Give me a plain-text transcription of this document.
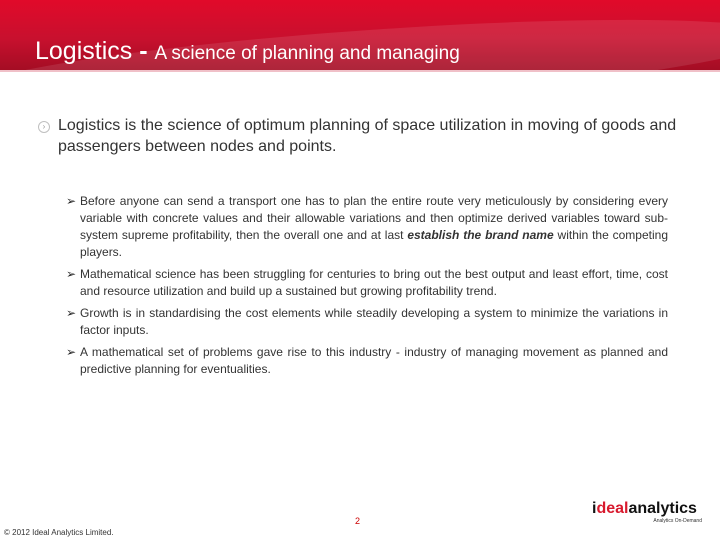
Logistics - A science of planning and managing
› Logistics is the science of optimum planning of space utilization in moving of goods and passengers between nodes and points.
➢ Before anyone can send a transport one has to plan the entire route very meticulously by considering every variable with concrete values and their allowable variations and then optimize derived variables toward sub-system supreme profitability, then the overall one and at last establish the brand name within the competing players.
➢ Mathematical science has been struggling for centuries to bring out the best output and least effort, time, cost and resource utilization and build up a sustained but growing profitability trend.
➢ Growth is in standardising the cost elements while steadily developing a system to minimize the variations in factor inputs.
➢ A mathematical set of problems gave rise to this industry - industry of managing movement as planned and predictive planning for eventualities.
2
idealanalytics
Analytics On-Demand
© 2012 Ideal Analytics Limited.
